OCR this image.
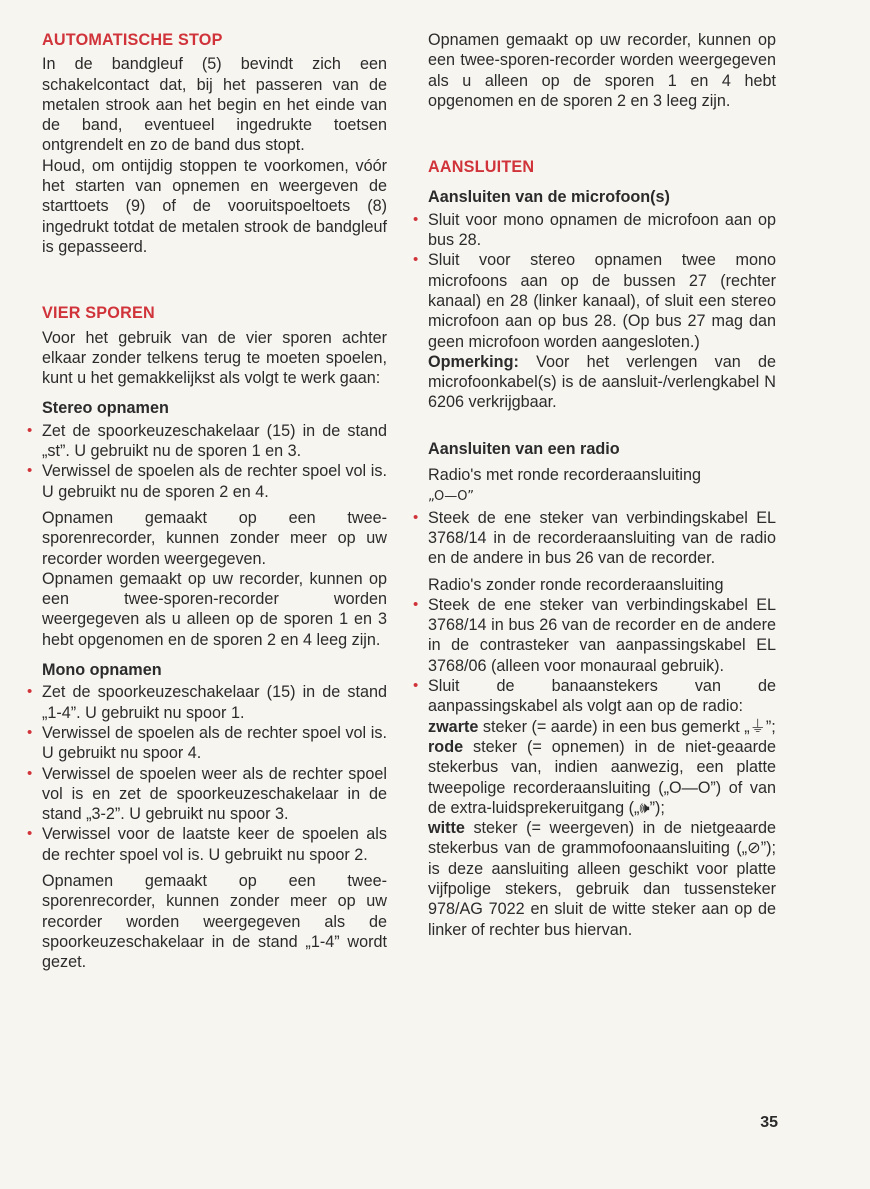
AUTOMATISCHE STOP

In de bandgleuf (5) bevindt zich een schakelcontact dat, bij het passeren van de metalen strook aan het begin en het einde van de band, eventueel ingedrukte toetsen ontgrendelt en zo de band dus stopt.

Houd, om ontijdig stoppen te voorkomen, vóór het starten van opnemen en weergeven de starttoets (9) of de vooruitspoeltoets (8) ingedrukt totdat de metalen strook de bandgleuf is gepasseerd.

VIER SPOREN

Voor het gebruik van de vier sporen achter elkaar zonder telkens terug te moeten spoelen, kunt u het gemakkelijkst als volgt te werk gaan:

Stereo opnamen

• Zet de spoorkeuzeschakelaar (15) in de stand „st”. U gebruikt nu de sporen 1 en 3.

• Verwissel de spoelen als de rechter spoel vol is. U gebruikt nu de sporen 2 en 4.

Opnamen gemaakt op een twee-sporenrecorder, kunnen zonder meer op uw recorder worden weergegeven.

Opnamen gemaakt op uw recorder, kunnen op een twee-sporen-recorder worden weergegeven als u alleen op de sporen 1 en 3 hebt opgenomen en de sporen 2 en 4 leeg zijn.

Mono opnamen

• Zet de spoorkeuzeschakelaar (15) in de stand „1-4”. U gebruikt nu spoor 1.

• Verwissel de spoelen als de rechter spoel vol is. U gebruikt nu spoor 4.

• Verwissel de spoelen weer als de rechter spoel vol is en zet de spoorkeuzeschakelaar in de stand „3-2”. U gebruikt nu spoor 3.

• Verwissel voor de laatste keer de spoelen als de rechter spoel vol is. U gebruikt nu spoor 2.

Opnamen gemaakt op een twee-sporenrecorder, kunnen zonder meer op uw recorder worden weergegeven als de spoorkeuzeschakelaar in de stand „1-4” wordt gezet.

Opnamen gemaakt op uw recorder, kunnen op een twee-sporen-recorder worden weergegeven als u alleen op de sporen 1 en 4 hebt opgenomen en de sporen 2 en 3 leeg zijn.

AANSLUITEN
Aansluiten van de microfoon(s)

• Sluit voor mono opnamen de microfoon aan op bus 28.

• Sluit voor stereo opnamen twee mono microfoons aan op de bussen 27 (rechter kanaal) en 28 (linker kanaal), of sluit een stereo microfoon aan op bus 28. (Op bus 27 mag dan geen microfoon worden aangesloten.)

Opmerking: Voor het verlengen van de microfoonkabel(s) is de aansluit-/verlengkabel N 6206 verkrijgbaar.

Aansluiten van een radio

Radio's met ronde recorderaansluiting
„O—O”

• Steek de ene steker van verbindingskabel EL 3768/14 in de recorderaansluiting van de radio en de andere in bus 26 van de recorder.

Radio's zonder ronde recorderaansluiting

• Steek de ene steker van verbindingskabel EL 3768/14 in bus 26 van de recorder en de andere in de contrasteker van aanpassingskabel EL 3768/06 (alleen voor monauraal gebruik).

• Sluit de banaanstekers van de aanpassingskabel als volgt aan op de radio:

zwarte steker (= aarde) in een bus gemerkt „⏚”;

rode steker (= opnemen) in de niet-geaarde stekerbus van, indien aanwezig, een platte tweepolige recorderaansluiting („O—O”) of van de extra-luidsprekeruitgang („🕪”);

witte steker (= weergeven) in de nietgeaarde stekerbus van de grammofoonaansluiting („⊘”); is deze aansluiting alleen geschikt voor platte vijfpolige stekers, gebruik dan tussensteker 978/AG 7022 en sluit de witte steker aan op de linker of rechter bus hiervan.

35
